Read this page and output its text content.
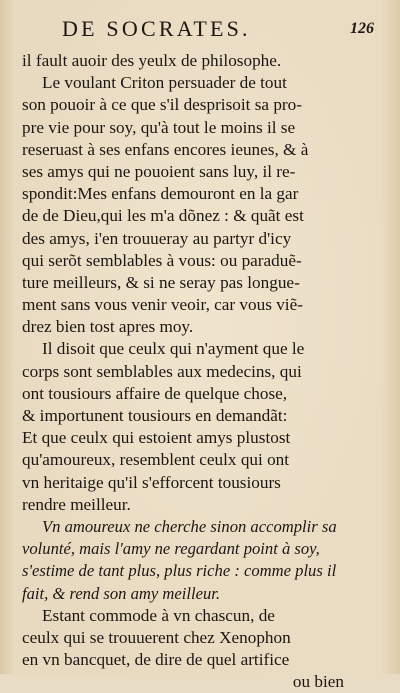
DE SOCRATES.	126
il fault auoir des yeulx de philosophe.
Le voulant Criton persuader de tout
son pouoir à ce que s'il desprisoit sa pro-
pre vie pour soy, qu'à tout le moins il se
reseruast à ses enfans encores ieunes, & à
ses amys qui ne pouoient sans luy, il re-
spondit:Mes enfans demouront en la gar
de de Dieu,qui les m'a dõnez : & quãt est
des amys, i'en trouueray au partyr d'icy
qui serõt semblables à vous: ou paraduẽ-
ture meilleurs, & si ne seray pas longue-
ment sans vous venir veoir, car vous viẽ-
drez bien tost apres moy.
Il disoit que ceulx qui n'ayment que le
corps sont semblables aux medecins, qui
ont tousiours affaire de quelque chose,
& importunent tousiours en demandãt:
Et que ceulx qui estoient amys plustost
qu'amoureux, resemblent ceulx qui ont
vn heritaige qu'il s'efforcent tousiours
rendre meilleur.
Vn amoureux ne cherche sinon accomplir sa
volunté, mais l'amy ne regardant point à soy,
s'estime de tant plus, plus riche : comme plus il
fait, & rend son amy meilleur.
Estant commode à vn chascun, de
ceulx qui se trouuerent chez Xenophon
en vn bancquet, de dire de quel artifice
ou bien
